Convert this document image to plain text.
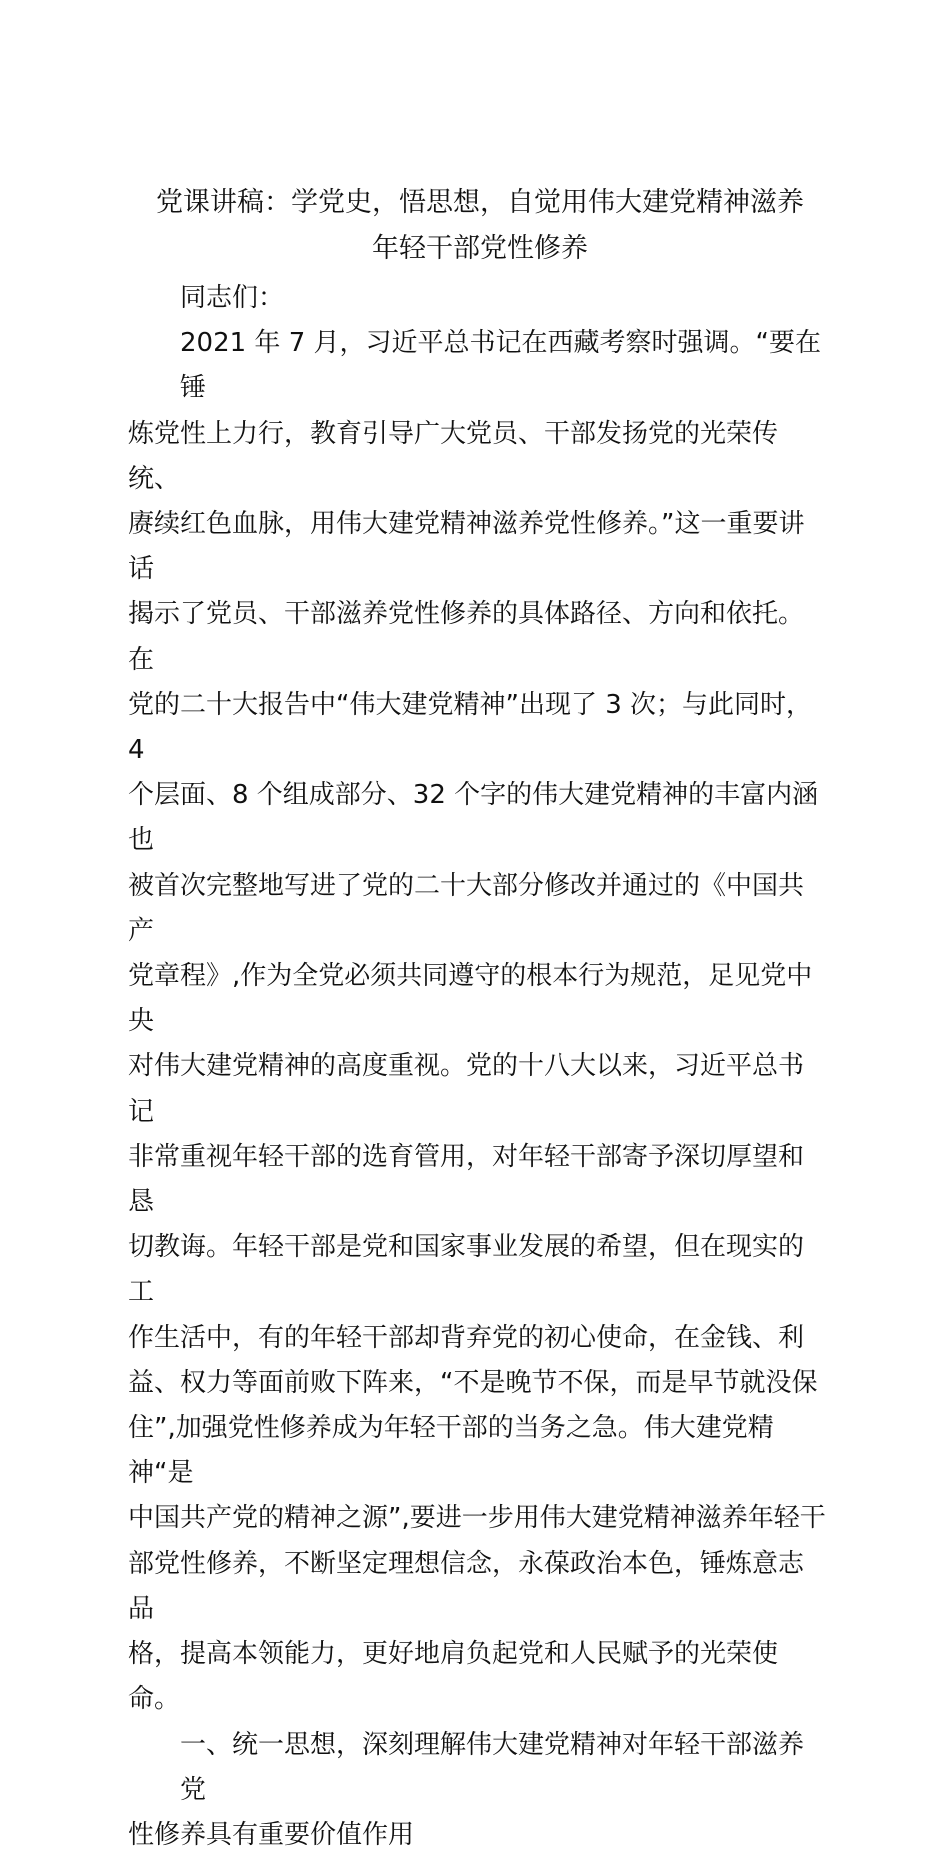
党课讲稿：学党史，悟思想，自觉用伟大建党精神滋养
年轻干部党性修养
同志们：
2021 年 7 月，习近平总书记在西藏考察时强调。“要在锤
炼党性上力行，教育引导广大党员、干部发扬党的光荣传统、
赓续红色血脉，用伟大建党精神滋养党性修养。”这一重要讲话
揭示了党员、干部滋养党性修养的具体路径、方向和依托。在
党的二十大报告中“伟大建党精神”出现了 3 次；与此同时，4
个层面、8 个组成部分、32 个字的伟大建党精神的丰富内涵也
被首次完整地写进了党的二十大部分修改并通过的《中国共产
党章程》,作为全党必须共同遵守的根本行为规范，足见党中央
对伟大建党精神的高度重视。党的十八大以来，习近平总书记
非常重视年轻干部的选育管用，对年轻干部寄予深切厚望和恳
切教诲。年轻干部是党和国家事业发展的希望，但在现实的工
作生活中，有的年轻干部却背弃党的初心使命，在金钱、利
益、权力等面前败下阵来，“不是晚节不保，而是早节就没保
住”,加强党性修养成为年轻干部的当务之急。伟大建党精神“是
中国共产党的精神之源”,要进一步用伟大建党精神滋养年轻干
部党性修养，不断坚定理想信念，永葆政治本色，锤炼意志品
格，提高本领能力，更好地肩负起党和人民赋予的光荣使命。
一、统一思想，深刻理解伟大建党精神对年轻干部滋养党
性修养具有重要价值作用
